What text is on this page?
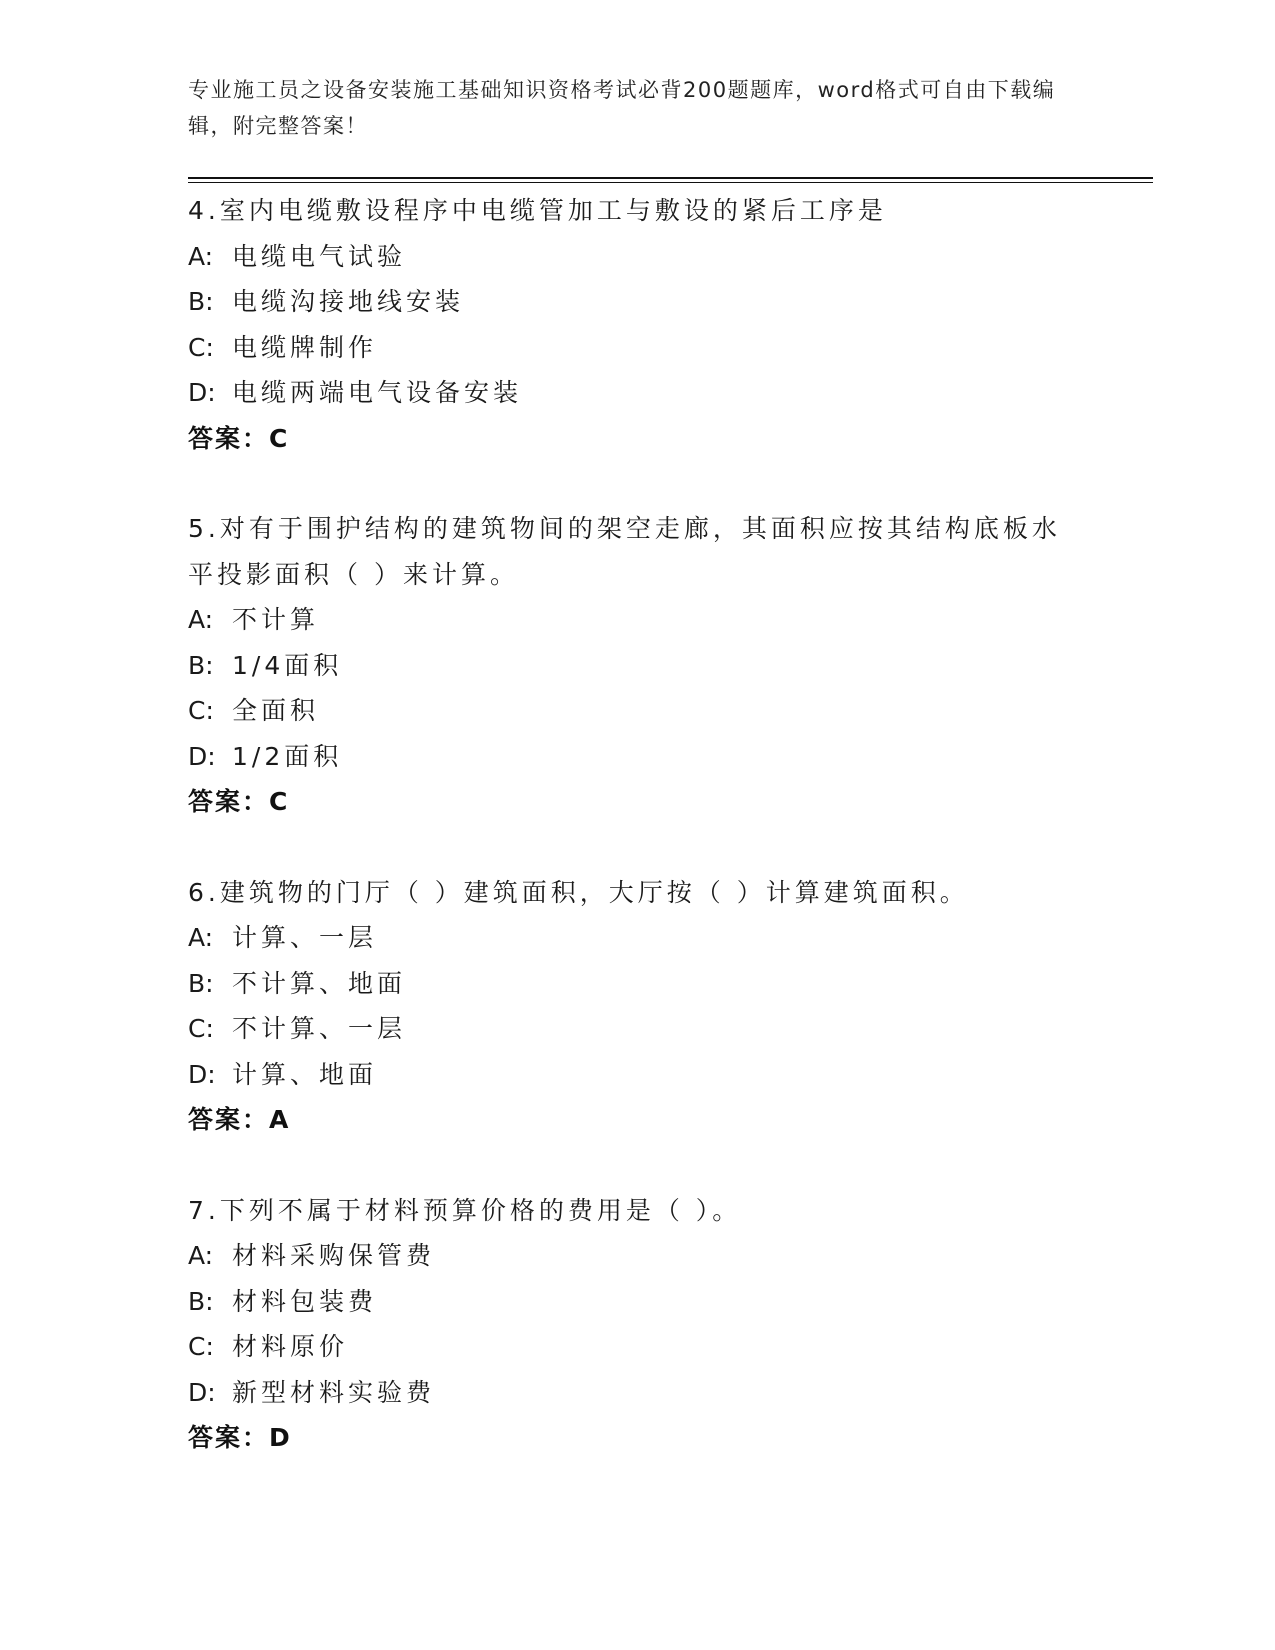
专业施工员之设备安装施工基础知识资格考试必背200题题库，word格式可自由下载编辑，附完整答案！
4.室内电缆敷设程序中电缆管加工与敷设的紧后工序是
A: 电缆电气试验
B: 电缆沟接地线安装
C: 电缆牌制作
D: 电缆两端电气设备安装
答案：C
5.对有于围护结构的建筑物间的架空走廊，其面积应按其结构底板水平投影面积（ ）来计算。
A: 不计算
B: 1/4面积
C: 全面积
D: 1/2面积
答案：C
6.建筑物的门厅（ ）建筑面积，大厅按（ ）计算建筑面积。
A: 计算、一层
B: 不计算、地面
C: 不计算、一层
D: 计算、地面
答案：A
7.下列不属于材料预算价格的费用是（ ）。
A: 材料采购保管费
B: 材料包装费
C: 材料原价
D: 新型材料实验费
答案：D
